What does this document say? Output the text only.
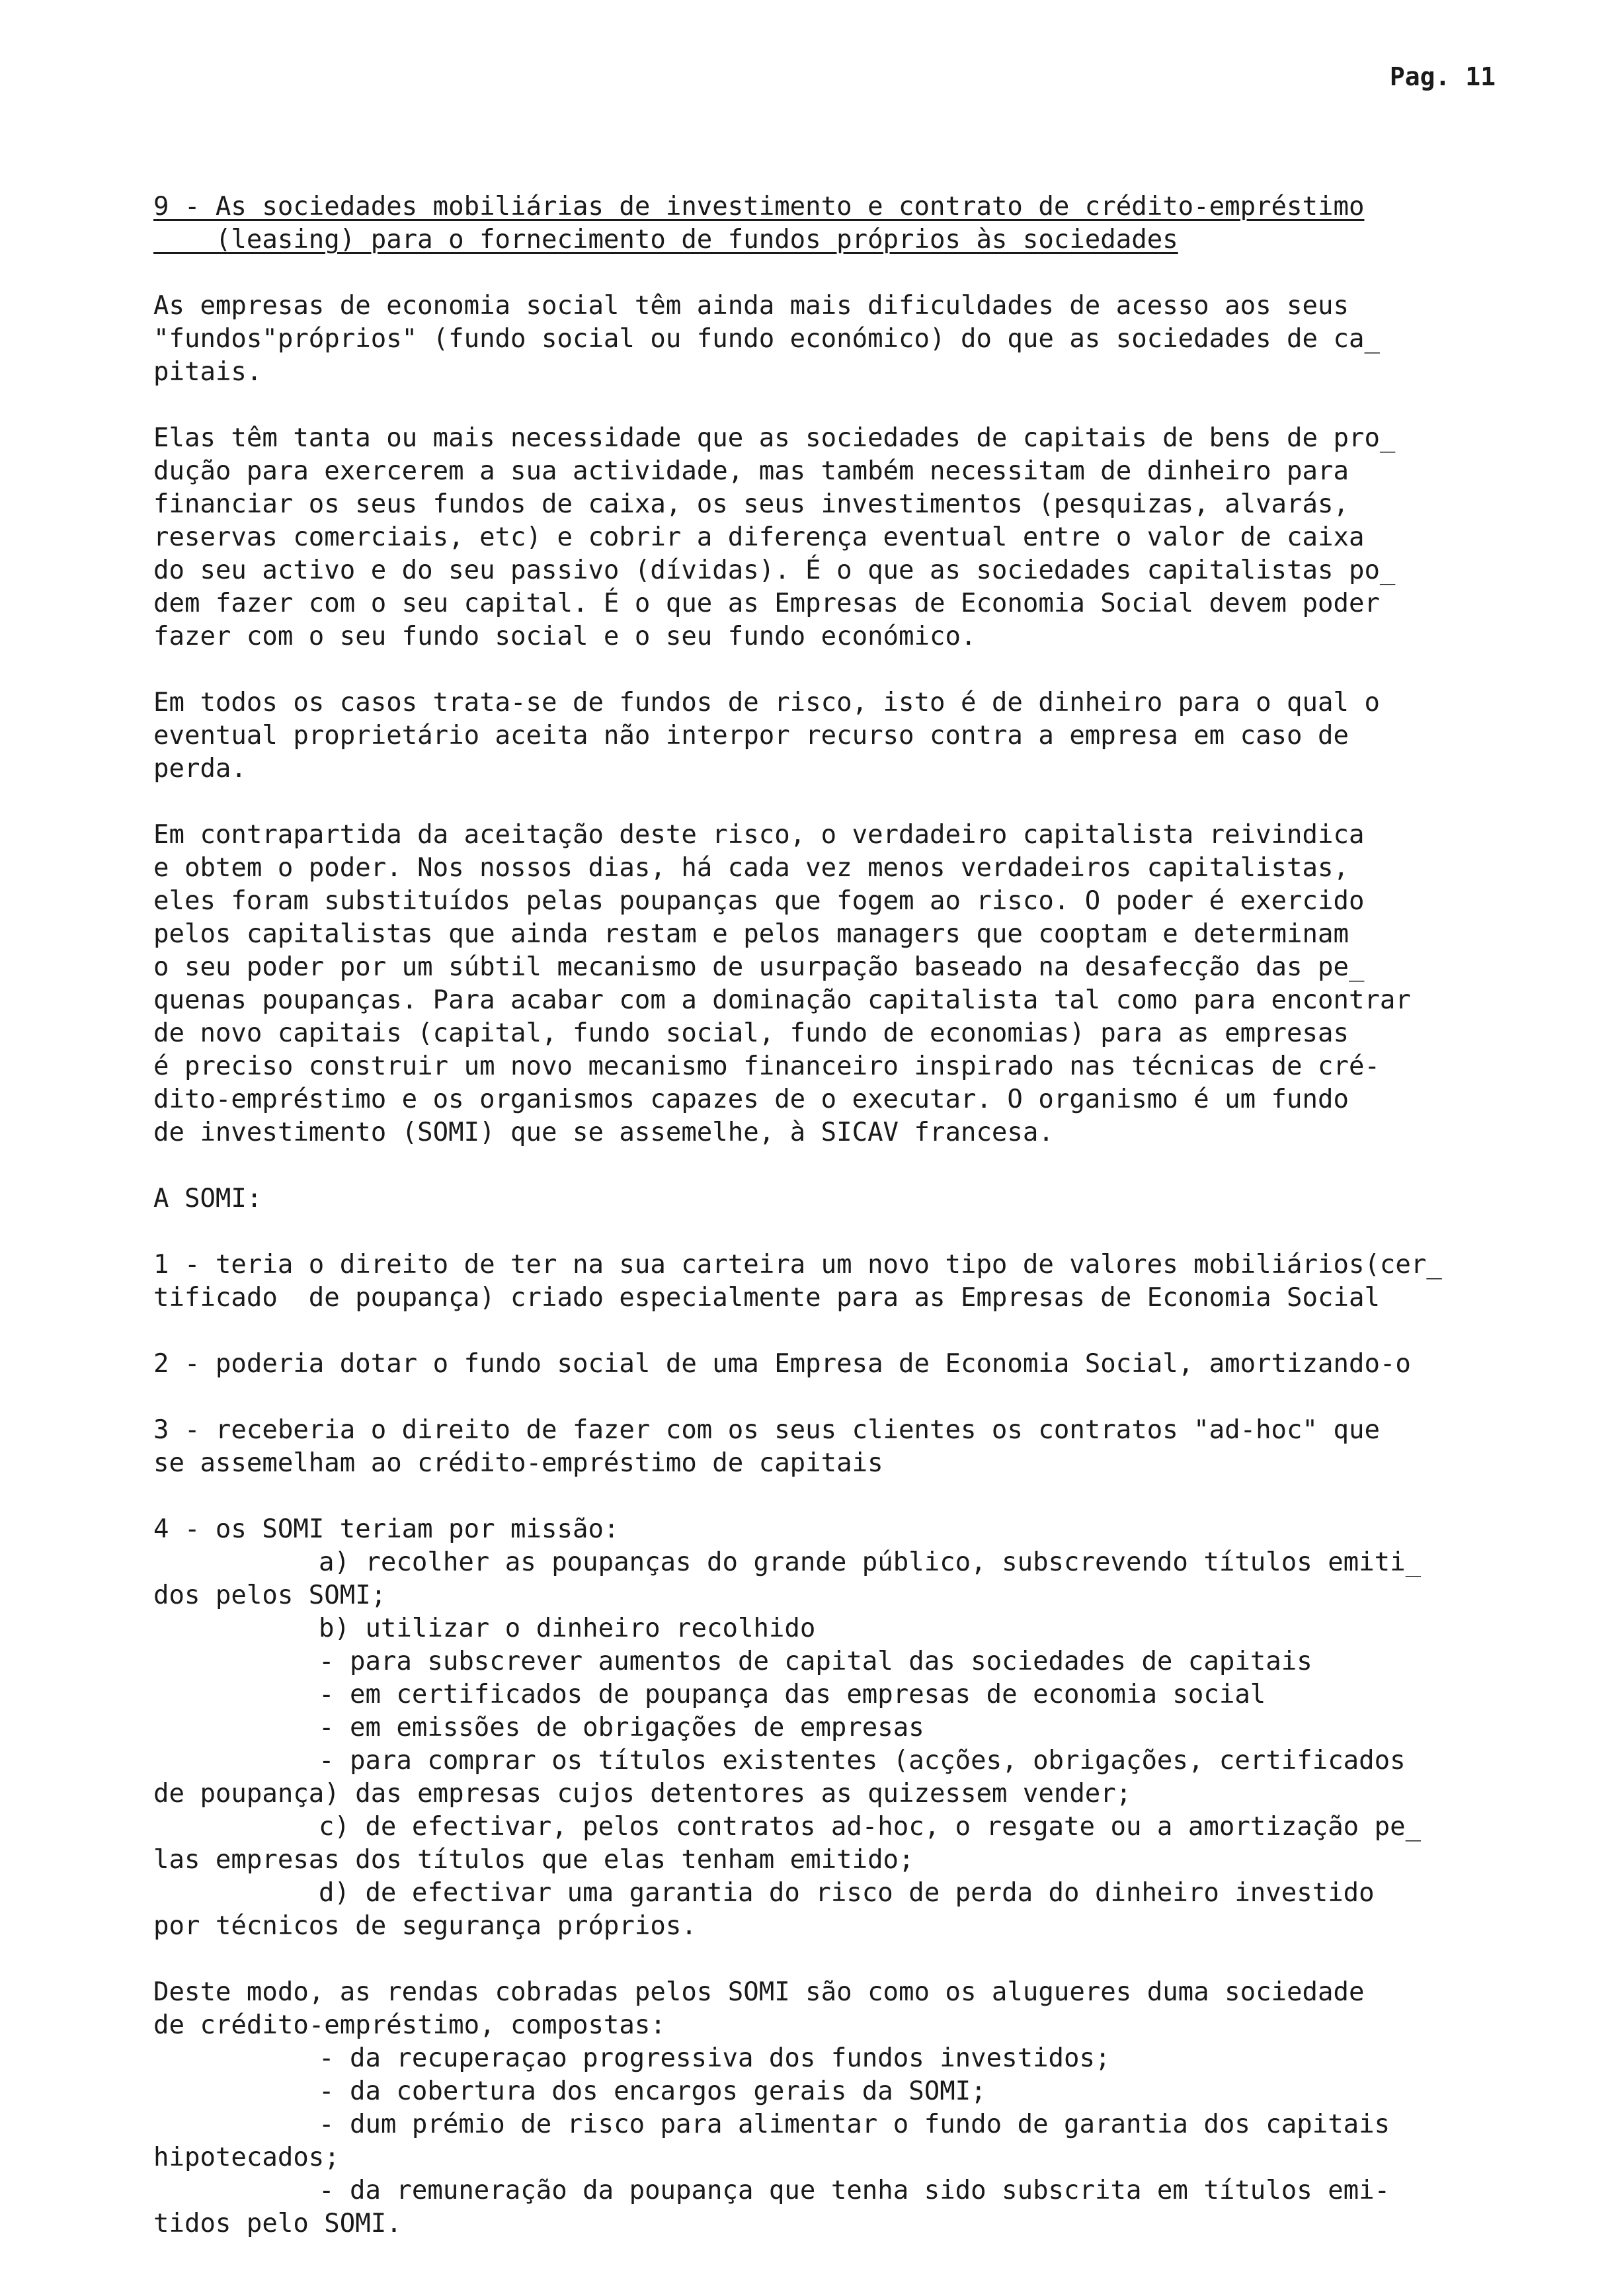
Pag. 11
9 - As sociedades mobiliárias de investimento e contrato de crédito-empréstimo
(leasing) para o fornecimento de fundos próprios às sociedades
As empresas de economia social têm ainda mais dificuldades de acesso aos seus
"fundos"próprios" (fundo social ou fundo económico) do que as sociedades de ca_
pitais.
Elas têm tanta ou mais necessidade que as sociedades de capitais de bens de pro_
dução para exercerem a sua actividade, mas também necessitam de dinheiro para
financiar os seus fundos de caixa, os seus investimentos (pesquizas, alvarás,
reservas comerciais, etc) e cobrir a diferença eventual entre o valor de caixa
do seu activo e do seu passivo (dívidas). É o que as sociedades capitalistas po_
dem fazer com o seu capital. É o que as Empresas de Economia Social devem poder
fazer com o seu fundo social e o seu fundo económico.
Em todos os casos trata-se de fundos de risco, isto é de dinheiro para o qual o
eventual proprietário aceita não interpor recurso contra a empresa em caso de
perda.
Em contrapartida da aceitação deste risco, o verdadeiro capitalista reivindica
e obtem o poder. Nos nossos dias, há cada vez menos verdadeiros capitalistas,
eles foram substituídos pelas poupanças que fogem ao risco. O poder é exercido
pelos capitalistas que ainda restam e pelos managers que cooptam e determinam
o seu poder por um súbtil mecanismo de usurpação baseado na desafecção das pe_
quenas poupanças. Para acabar com a dominação capitalista tal como para encontrar
de novo capitais (capital, fundo social, fundo de economias) para as empresas
é preciso construir um novo mecanismo financeiro inspirado nas técnicas de cré-
dito-empréstimo e os organismos capazes de o executar. O organismo é um fundo
de investimento (SOMI) que se assemelhe, à SICAV francesa.
A SOMI:
1 - teria o direito de ter na sua carteira um novo tipo de valores mobiliários(cer_
tificado  de poupança) criado especialmente para as Empresas de Economia Social
2 - poderia dotar o fundo social de uma Empresa de Economia Social, amortizando-o
3 - receberia o direito de fazer com os seus clientes os contratos "ad-hoc" que
se assemelham ao crédito-empréstimo de capitais
4 - os SOMI teriam por missão:
a) recolher as poupanças do grande público, subscrevendo títulos emiti_
dos pelos SOMI;
b) utilizar o dinheiro recolhido
- para subscrever aumentos de capital das sociedades de capitais
- em certificados de poupança das empresas de economia social
- em emissões de obrigações de empresas
- para comprar os títulos existentes (acções, obrigações, certificados
de poupança) das empresas cujos detentores as quizessem vender;
c) de efectivar, pelos contratos ad-hoc, o resgate ou a amortização pe_
las empresas dos títulos que elas tenham emitido;
d) de efectivar uma garantia do risco de perda do dinheiro investido
por técnicos de segurança próprios.
Deste modo, as rendas cobradas pelos SOMI são como os alugueres duma sociedade
de crédito-empréstimo, compostas:
- da recuperaçao progressiva dos fundos investidos;
- da cobertura dos encargos gerais da SOMI;
- dum prémio de risco para alimentar o fundo de garantia dos capitais
hipotecados;
- da remuneração da poupança que tenha sido subscrita em títulos emi-
tidos pelo SOMI.
